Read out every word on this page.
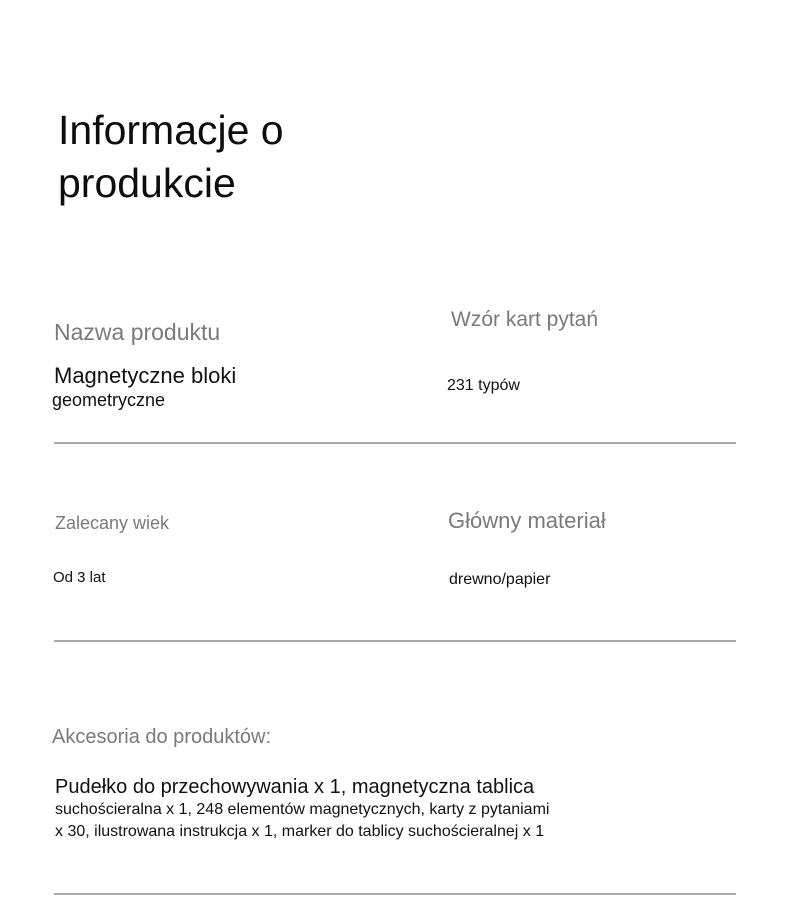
Informacje o produkcie

Nazwa produktu

Magnetyczne bloki
geometryczne

Wzór kart pytań

231 typów

Zalecany wiek

Od 3 lat

Główny materiał

drewno/papier

Akcesoria do produktów:

Pudełko do przechowywania x 1, magnetyczna tablica
suchościeralna x 1, 248 elementów magnetycznych, karty z pytaniami
x 30, ilustrowana instrukcja x 1, marker do tablicy suchościeralnej x 1
